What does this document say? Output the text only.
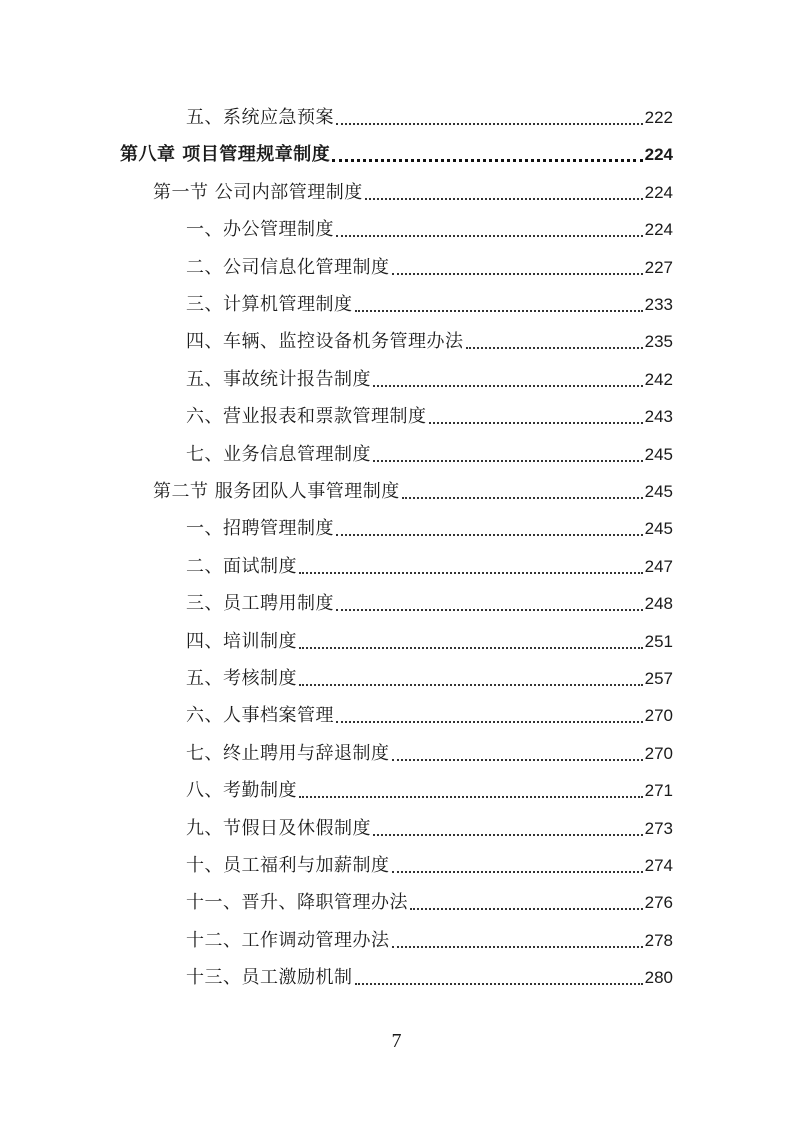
五、系统应急预案	222
第八章 项目管理规章制度	224
第一节 公司内部管理制度	224
一、办公管理制度	224
二、公司信息化管理制度	227
三、计算机管理制度	233
四、车辆、监控设备机务管理办法	235
五、事故统计报告制度	242
六、营业报表和票款管理制度	243
七、业务信息管理制度	245
第二节 服务团队人事管理制度	245
一、招聘管理制度	245
二、面试制度	247
三、员工聘用制度	248
四、培训制度	251
五、考核制度	257
六、人事档案管理	270
七、终止聘用与辞退制度	270
八、考勤制度	271
九、节假日及休假制度	273
十、员工福利与加薪制度	274
十一、晋升、降职管理办法	276
十二、工作调动管理办法	278
十三、员工激励机制	280
7
